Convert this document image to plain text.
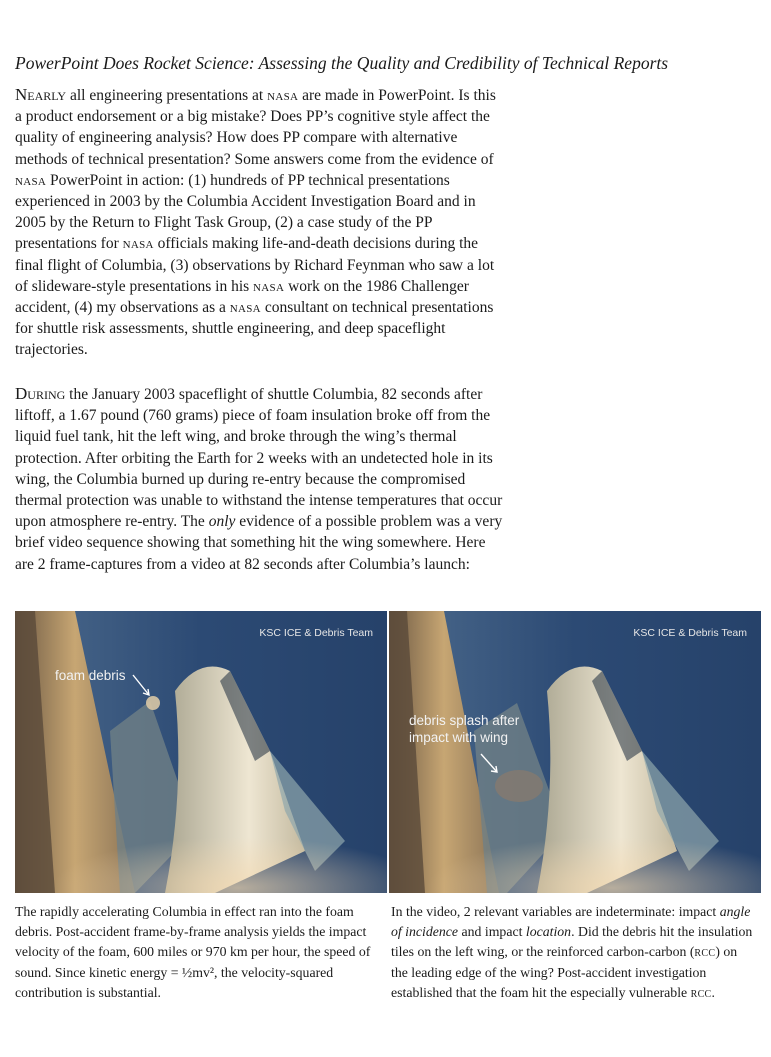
PowerPoint Does Rocket Science: Assessing the Quality and Credibility of Technical Reports
Nearly all engineering presentations at nasa are made in PowerPoint. Is this a product endorsement or a big mistake? Does PP’s cognitive style affect the quality of engineering analysis? How does PP compare with alternative methods of technical presentation? Some answers come from the evidence of nasa PowerPoint in action: (1) hundreds of PP technical presentations experienced in 2003 by the Columbia Accident Investigation Board and in 2005 by the Return to Flight Task Group, (2) a case study of the PP presentations for nasa officials making life-and-death decisions during the final flight of Columbia, (3) observations by Richard Feynman who saw a lot of slideware-style presentations in his nasa work on the 1986 Challenger accident, (4) my observations as a nasa consultant on technical presentations for shuttle risk assessments, shuttle engineering, and deep spaceflight trajectories.
During the January 2003 spaceflight of shuttle Columbia, 82 seconds after liftoff, a 1.67 pound (760 grams) piece of foam insulation broke off from the liquid fuel tank, hit the left wing, and broke through the wing’s thermal protection. After orbiting the Earth for 2 weeks with an undetected hole in its wing, the Columbia burned up during re-entry because the compromised thermal protection was unable to withstand the intense temperatures that occur upon atmosphere re-entry. The only evidence of a possible problem was a very brief video sequence showing that something hit the wing somewhere. Here are 2 frame-captures from a video at 82 seconds after Columbia’s launch:
KSC ICE & Debris Team
foam debris
KSC ICE & Debris Team
debris splash after
impact with wing
The rapidly accelerating Columbia in effect ran into the foam debris. Post-accident frame-by-frame analysis yields the impact velocity of the foam, 600 miles or 970 km per hour, the speed of sound. Since kinetic energy = ½mv², the velocity-squared contribution is substantial.
In the video, 2 relevant variables are indeterminate: impact angle of incidence and impact location. Did the debris hit the insulation tiles on the left wing, or the reinforced carbon-carbon (rcc) on the leading edge of the wing? Post-accident investigation established that the foam hit the especially vulnerable rcc.
